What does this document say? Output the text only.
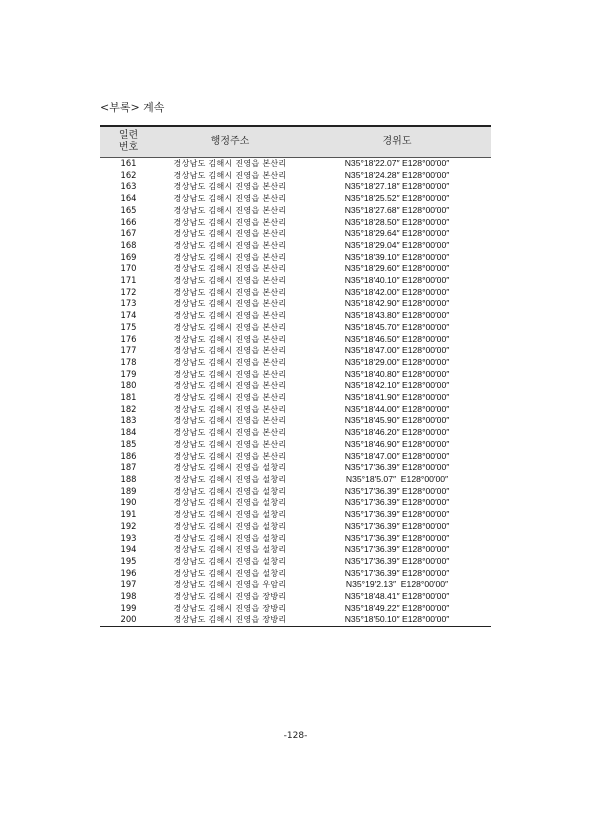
<부록> 계속
일련
번호	행정주소	경위도
161	경상남도 김해시 진영읍 본산리	N35°18′22.07″ E128°00′00″
162	경상남도 김해시 진영읍 본산리	N35°18′24.28″ E128°00′00″
163	경상남도 김해시 진영읍 본산리	N35°18′27.18″ E128°00′00″
164	경상남도 김해시 진영읍 본산리	N35°18′25.52″ E128°00′00″
165	경상남도 김해시 진영읍 본산리	N35°18′27.68″ E128°00′00″
166	경상남도 김해시 진영읍 본산리	N35°18′28.50″ E128°00′00″
167	경상남도 김해시 진영읍 본산리	N35°18′29.64″ E128°00′00″
168	경상남도 김해시 진영읍 본산리	N35°18′29.04″ E128°00′00″
169	경상남도 김해시 진영읍 본산리	N35°18′39.10″ E128°00′00″
170	경상남도 김해시 진영읍 본산리	N35°18′29.60″ E128°00′00″
171	경상남도 김해시 진영읍 본산리	N35°18′40.10″ E128°00′00″
172	경상남도 김해시 진영읍 본산리	N35°18′42.00″ E128°00′00″
173	경상남도 김해시 진영읍 본산리	N35°18′42.90″ E128°00′00″
174	경상남도 김해시 진영읍 본산리	N35°18′43.80″ E128°00′00″
175	경상남도 김해시 진영읍 본산리	N35°18′45.70″ E128°00′00″
176	경상남도 김해시 진영읍 본산리	N35°18′46.50″ E128°00′00″
177	경상남도 김해시 진영읍 본산리	N35°18′47.00″ E128°00′00″
178	경상남도 김해시 진영읍 본산리	N35°18′29.00″ E128°00′00″
179	경상남도 김해시 진영읍 본산리	N35°18′40.80″ E128°00′00″
180	경상남도 김해시 진영읍 본산리	N35°18′42.10″ E128°00′00″
181	경상남도 김해시 진영읍 본산리	N35°18′41.90″ E128°00′00″
182	경상남도 김해시 진영읍 본산리	N35°18′44.00″ E128°00′00″
183	경상남도 김해시 진영읍 본산리	N35°18′45.90″ E128°00′00″
184	경상남도 김해시 진영읍 본산리	N35°18′46.20″ E128°00′00″
185	경상남도 김해시 진영읍 본산리	N35°18′46.90″ E128°00′00″
186	경상남도 김해시 진영읍 본산리	N35°18′47.00″ E128°00′00″
187	경상남도 김해시 진영읍 설창리	N35°17′36.39″ E128°00′00″
188	경상남도 김해시 진영읍 설창리	N35°18′5.07″  E128°00′00″
189	경상남도 김해시 진영읍 설창리	N35°17′36.39″ E128°00′00″
190	경상남도 김해시 진영읍 설창리	N35°17′36.39″ E128°00′00″
191	경상남도 김해시 진영읍 설창리	N35°17′36.39″ E128°00′00″
192	경상남도 김해시 진영읍 설창리	N35°17′36.39″ E128°00′00″
193	경상남도 김해시 진영읍 설창리	N35°17′36.39″ E128°00′00″
194	경상남도 김해시 진영읍 설창리	N35°17′36.39″ E128°00′00″
195	경상남도 김해시 진영읍 설창리	N35°17′36.39″ E128°00′00″
196	경상남도 김해시 진영읍 설창리	N35°17′36.39″ E128°00′00″
197	경상남도 김해시 진영읍 우암리	N35°19′2.13″  E128°00′00″
198	경상남도 김해시 진영읍 장방리	N35°18′48.41″ E128°00′00″
199	경상남도 김해시 진영읍 장방리	N35°18′49.22″ E128°00′00″
200	경상남도 김해시 진영읍 장방리	N35°18′50.10″ E128°00′00″
-128-
